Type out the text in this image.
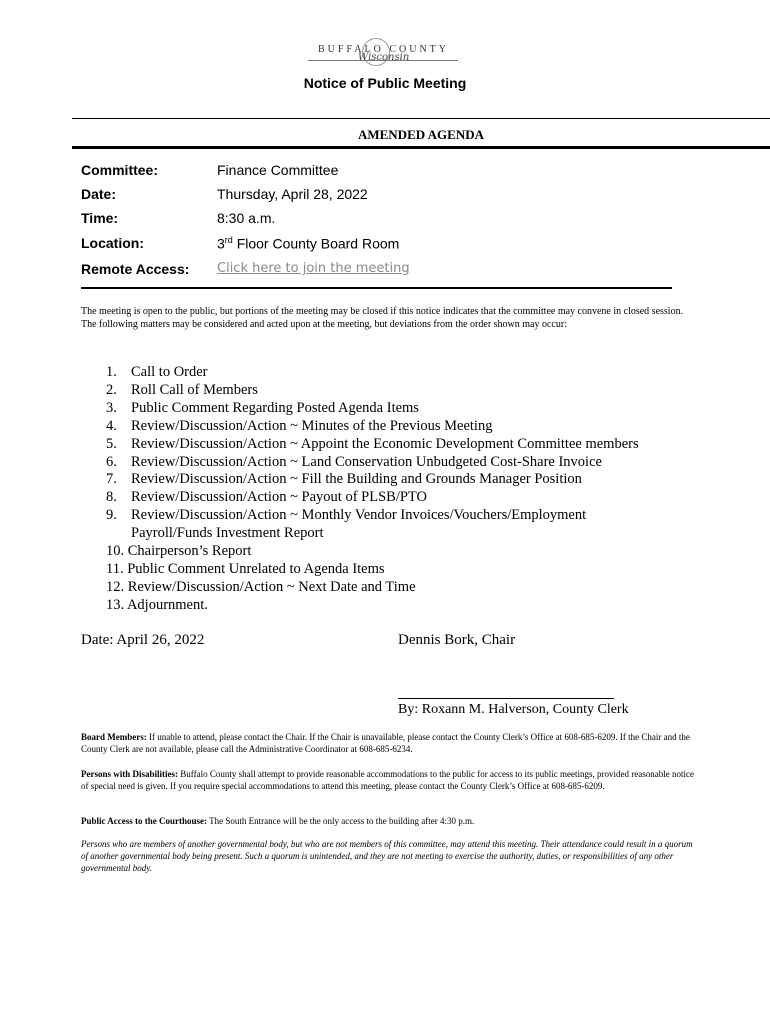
BUFFALO COUNTY
Wisconsin
Notice of Public Meeting
AMENDED AGENDA
Committee:	Finance Committee
Date:	Thursday, April 28, 2022
Time:	8:30 a.m.
Location:	3rd Floor County Board Room
Remote Access: Click here to join the meeting
The meeting is open to the public, but portions of the meeting may be closed if this notice indicates that the committee may convene in closed session. The following matters may be considered and acted upon at the meeting, but deviations from the order shown may occur:
1. Call to Order
2. Roll Call of Members
3. Public Comment Regarding Posted Agenda Items
4. Review/Discussion/Action ~ Minutes of the Previous Meeting
5. Review/Discussion/Action ~ Appoint the Economic Development Committee members
6. Review/Discussion/Action ~ Land Conservation Unbudgeted Cost-Share Invoice
7. Review/Discussion/Action ~ Fill the Building and Grounds Manager Position
8. Review/Discussion/Action ~ Payout of PLSB/PTO
9. Review/Discussion/Action ~ Monthly Vendor Invoices/Vouchers/Employment Payroll/Funds Investment Report
10. Chairperson’s Report
11. Public Comment Unrelated to Agenda Items
12. Review/Discussion/Action ~ Next Date and Time
13. Adjournment.
Date: April 26, 2022	Dennis Bork, Chair
By: Roxann M. Halverson, County Clerk
Board Members: If unable to attend, please contact the Chair. If the Chair is unavailable, please contact the County Clerk’s Office at 608-685-6209. If the Chair and the County Clerk are not available, please call the Administrative Coordinator at 608-685-6234.
Persons with Disabilities: Buffalo County shall attempt to provide reasonable accommodations to the public for access to its public meetings, provided reasonable notice of special need is given. If you require special accommodations to attend this meeting, please contact the County Clerk’s Office at 608-685-6209.
Public Access to the Courthouse: The South Entrance will be the only access to the building after 4:30 p.m.
Persons who are members of another governmental body, but who are not members of this committee, may attend this meeting. Their attendance could result in a quorum of another governmental body being present. Such a quorum is unintended, and they are not meeting to exercise the authority, duties, or responsibilities of any other governmental body.
